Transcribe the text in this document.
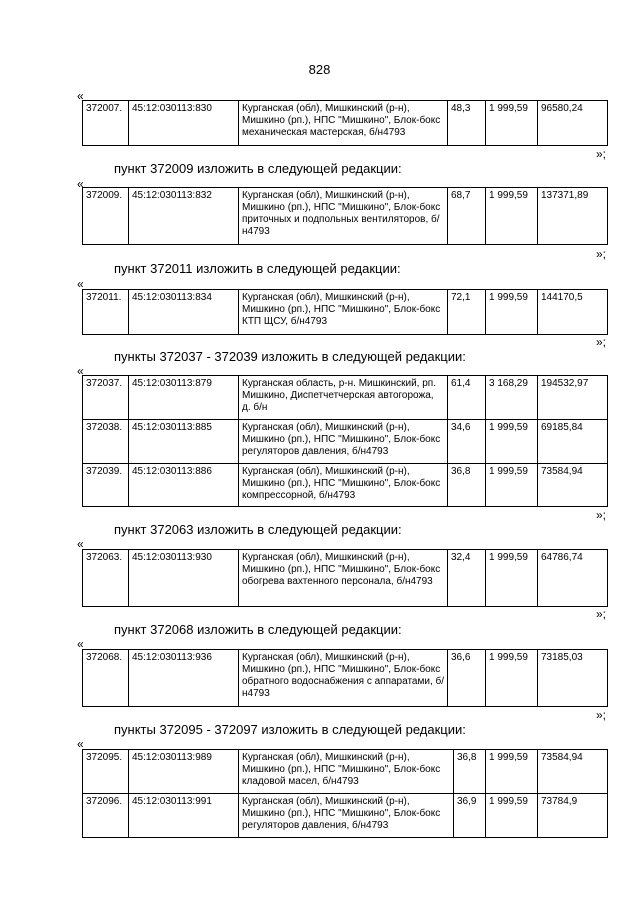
828
«
372007.	45:12:030113:830	Курганская (обл), Мишкинский (р-н), Мишкино (рп.), НПС "Мишкино", Блок-бокс механическая мастерская, б/н4793	48,3	1 999,59	96580,24
»;
пункт 372009 изложить в следующей редакции:
«
372009.	45:12:030113:832	Курганская (обл), Мишкинский (р-н), Мишкино (рп.), НПС "Мишкино", Блок-бокс приточных и подпольных вентиляторов, б/н4793	68,7	1 999,59	137371,89
»;
пункт 372011 изложить в следующей редакции:
«
372011.	45:12:030113:834	Курганская (обл), Мишкинский (р-н), Мишкино (рп.), НПС "Мишкино", Блок-бокс КТП ЩСУ, б/н4793	72,1	1 999,59	144170,5
»;
пункты 372037 - 372039 изложить в следующей редакции:
«
372037.	45:12:030113:879	Курганская область, р-н. Мишкинский, рп. Мишкино, Диспетчетчерская автогорожа, д. б/н	61,4	3 168,29	194532,97
372038.	45:12:030113:885	Курганская (обл), Мишкинский (р-н), Мишкино (рп.), НПС "Мишкино", Блок-бокс регуляторов давления, б/н4793	34,6	1 999,59	69185,84
372039.	45:12:030113:886	Курганская (обл), Мишкинский (р-н), Мишкино (рп.), НПС "Мишкино", Блок-бокс компрессорной, б/н4793	36,8	1 999,59	73584,94
»;
пункт 372063 изложить в следующей редакции:
«
372063.	45:12:030113:930	Курганская (обл), Мишкинский (р-н), Мишкино (рп.), НПС "Мишкино", Блок-бокс обогрева вахтенного персонала, б/н4793	32,4	1 999,59	64786,74
»;
пункт 372068 изложить в следующей редакции:
«
372068.	45:12:030113:936	Курганская (обл), Мишкинский (р-н), Мишкино (рп.), НПС "Мишкино", Блок-бокс обратного водоснабжения с аппаратами, б/н4793	36,6	1 999,59	73185,03
»;
пункты 372095 - 372097 изложить в следующей редакции:
«
372095.	45:12:030113:989	Курганская (обл), Мишкинский (р-н), Мишкино (рп.), НПС "Мишкино", Блок-бокс кладовой масел, б/н4793	36,8	1 999,59	73584,94
372096.	45:12:030113:991	Курганская (обл), Мишкинский (р-н), Мишкино (рп.), НПС "Мишкино", Блок-бокс регуляторов давления, б/н4793	36,9	1 999,59	73784,9
